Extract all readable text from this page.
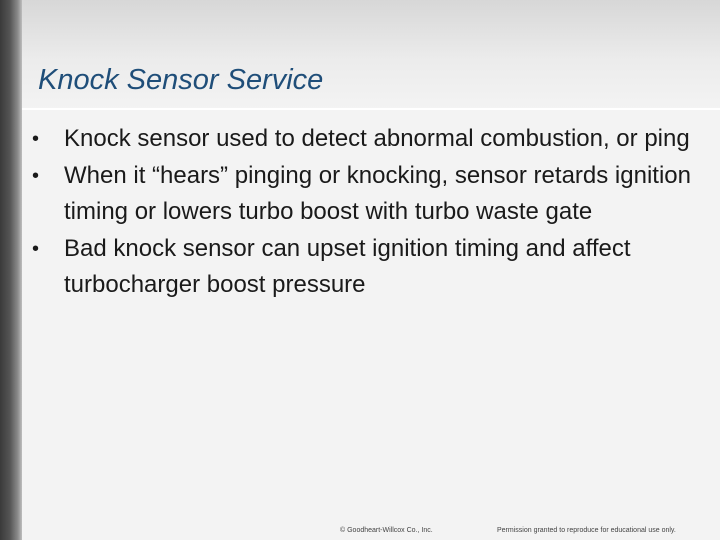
Knock Sensor Service
• Knock sensor used to detect abnormal combustion, or ping
• When it “hears” pinging or knocking, sensor retards ignition timing or lowers turbo boost with turbo waste gate
• Bad knock sensor can upset ignition timing and affect turbocharger boost pressure
© Goodheart-Willcox Co., Inc.	Permission granted to reproduce for educational use only.
